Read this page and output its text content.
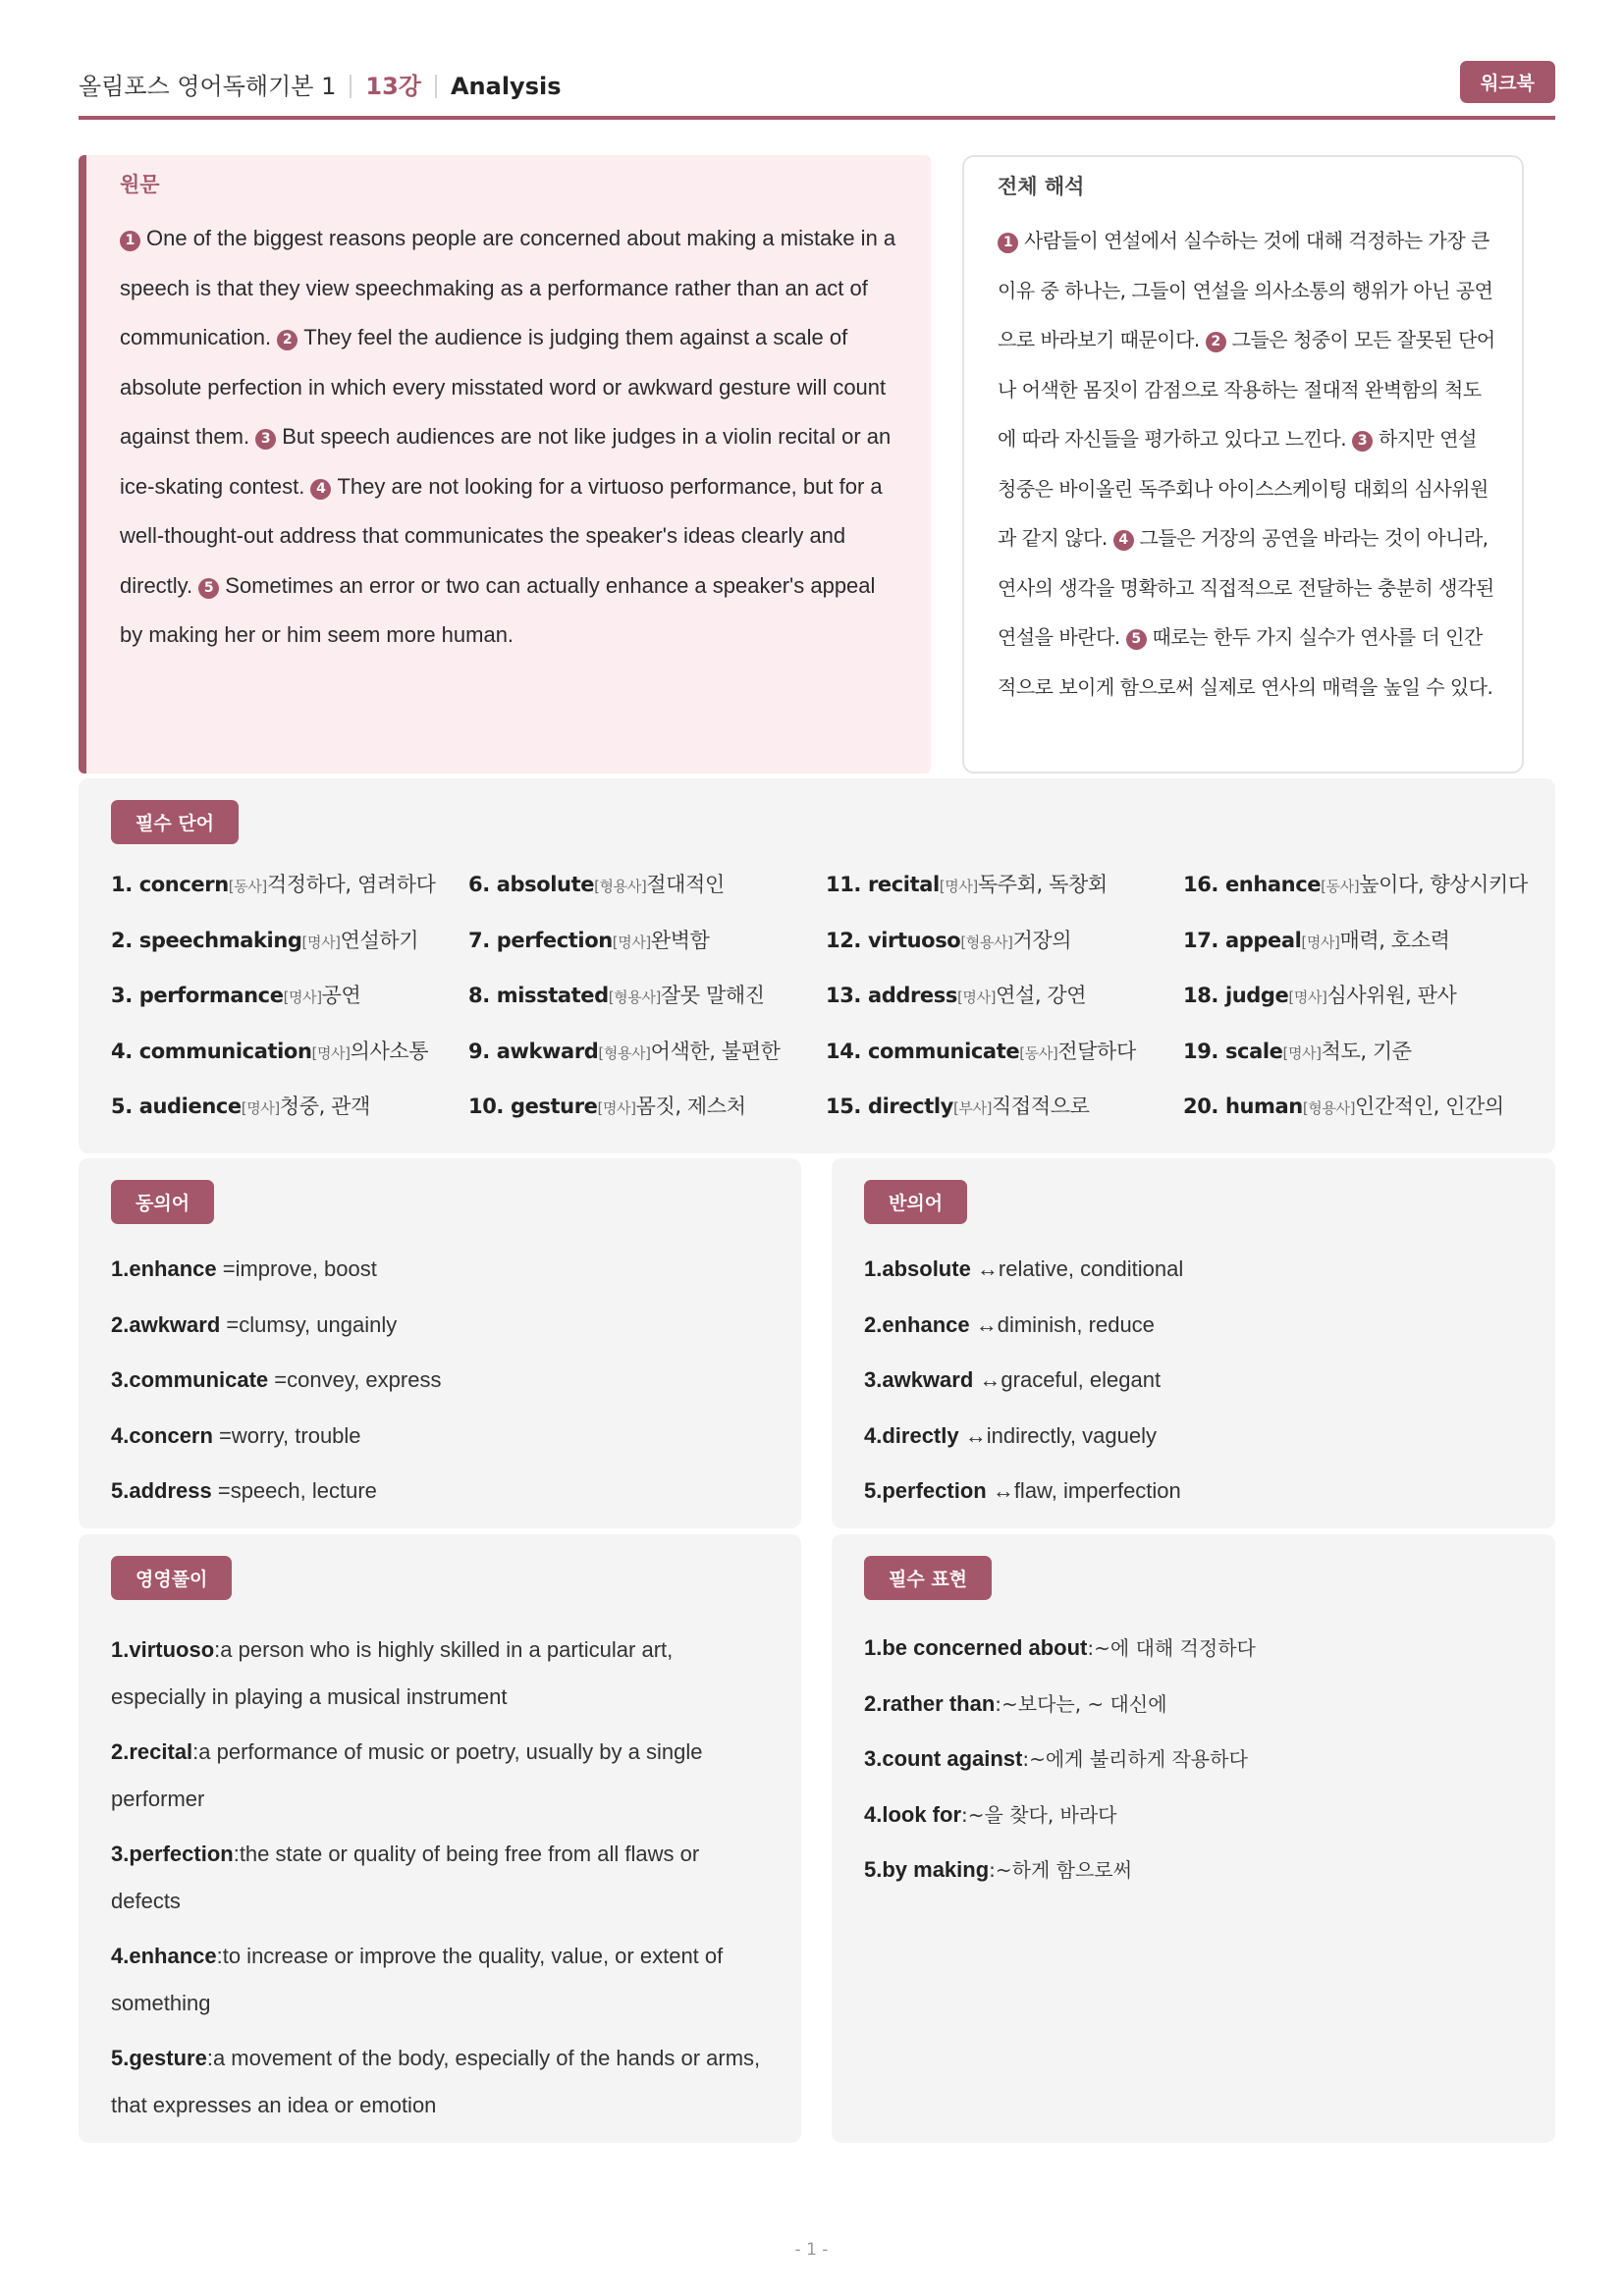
올림포스 영어독해기본 1 13강 Analysis	워크북
원문
1 One of the biggest reasons people are concerned about making a mistake in a speech is that they view speechmaking as a performance rather than an act of communication. 2 They feel the audience is judging them against a scale of absolute perfection in which every misstated word or awkward gesture will count against them. 3 But speech audiences are not like judges in a violin recital or an ice-skating contest. 4 They are not looking for a virtuoso performance, but for a well-thought-out address that communicates the speaker's ideas clearly and directly. 5 Sometimes an error or two can actually enhance a speaker's appeal by making her or him seem more human.
전체 해석
1 사람들이 연설에서 실수하는 것에 대해 걱정하는 가장 큰 이유 중 하나는, 그들이 연설을 의사소통의 행위가 아닌 공연으로 바라보기 때문이다. 2 그들은 청중이 모든 잘못된 단어나 어색한 몸짓이 감점으로 작용하는 절대적 완벽함의 척도에 따라 자신들을 평가하고 있다고 느낀다. 3 하지만 연설 청중은 바이올린 독주회나 아이스스케이팅 대회의 심사위원과 같지 않다. 4 그들은 거장의 공연을 바라는 것이 아니라, 연사의 생각을 명확하고 직접적으로 전달하는 충분히 생각된 연설을 바란다. 5 때로는 한두 가지 실수가 연사를 더 인간적으로 보이게 함으로써 실제로 연사의 매력을 높일 수 있다.
필수 단어
1. concern[동사]걱정하다, 염려하다
2. speechmaking[명사]연설하기
3. performance[명사]공연
4. communication[명사]의사소통
5. audience[명사]청중, 관객
6. absolute[형용사]절대적인
7. perfection[명사]완벽함
8. misstated[형용사]잘못 말해진
9. awkward[형용사]어색한, 불편한
10. gesture[명사]몸짓, 제스처
11. recital[명사]독주회, 독창회
12. virtuoso[형용사]거장의
13. address[명사]연설, 강연
14. communicate[동사]전달하다
15. directly[부사]직접적으로
16. enhance[동사]높이다, 향상시키다
17. appeal[명사]매력, 호소력
18. judge[명사]심사위원, 판사
19. scale[명사]척도, 기준
20. human[형용사]인간적인, 인간의
동의어
1.enhance =improve, boost
2.awkward =clumsy, ungainly
3.communicate =convey, express
4.concern =worry, trouble
5.address =speech, lecture
반의어
1.absolute ↔relative, conditional
2.enhance ↔diminish, reduce
3.awkward ↔graceful, elegant
4.directly ↔indirectly, vaguely
5.perfection ↔flaw, imperfection
영영풀이
1.virtuoso:a person who is highly skilled in a particular art, especially in playing a musical instrument
2.recital:a performance of music or poetry, usually by a single performer
3.perfection:the state or quality of being free from all flaws or defects
4.enhance:to increase or improve the quality, value, or extent of something
5.gesture:a movement of the body, especially of the hands or arms, that expresses an idea or emotion
필수 표현
1.be concerned about:~에 대해 걱정하다
2.rather than:~보다는, ~ 대신에
3.count against:~에게 불리하게 작용하다
4.look for:~을 찾다, 바라다
5.by making:~하게 함으로써
- 1 -
